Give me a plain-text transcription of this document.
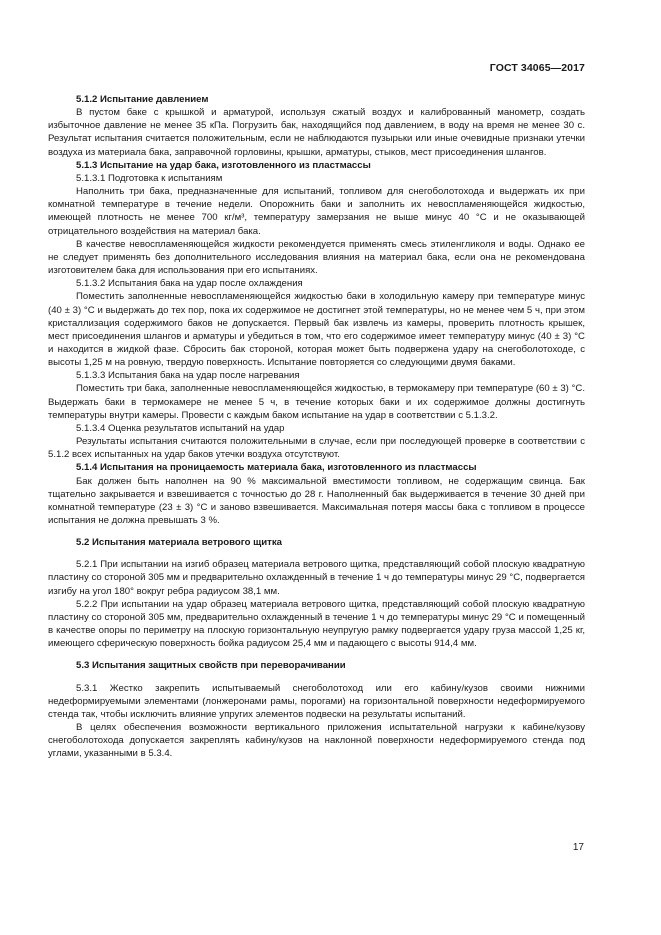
ГОСТ 34065—2017

5.1.2 Испытание давлением

В пустом баке с крышкой и арматурой, используя сжатый воздух и калиброванный манометр, создать избыточное давление не менее 35 кПа. Погрузить бак, находящийся под давлением, в воду на время не менее 30 с. Результат испытания считается положительным, если не наблюдаются пузырьки или иные очевидные признаки утечки воздуха из материала бака, заправочной горловины, крышки, арматуры, стыков, мест присоединения шлангов.

5.1.3 Испытание на удар бака, изготовленного из пластмассы

5.1.3.1 Подготовка к испытаниям

Наполнить три бака, предназначенные для испытаний, топливом для снегоболотохода и выдержать их при комнатной температуре в течение недели. Опорожнить баки и заполнить их невоспламеняющейся жидкостью, имеющей плотность не менее 700 кг/м³, температуру замерзания не выше минус 40 °С и не оказывающей отрицательного воздействия на материал бака.

В качестве невоспламеняющейся жидкости рекомендуется применять смесь этиленгликоля и воды. Однако ее не следует применять без дополнительного исследования влияния на материал бака, если она не рекомендована изготовителем бака для использования при его испытаниях.

5.1.3.2 Испытания бака на удар после охлаждения

Поместить заполненные невоспламеняющейся жидкостью баки в холодильную камеру при температуре минус (40 ± 3) °С и выдержать до тех пор, пока их содержимое не достигнет этой температуры, но не менее чем 5 ч, при этом кристаллизация содержимого баков не допускается. Первый бак извлечь из камеры, проверить плотность крышек, мест присоединения шлангов и арматуры и убедиться в том, что его содержимое имеет температуру минус (40 ± 3) °С и находится в жидкой фазе. Сбросить бак стороной, которая может быть подвержена удару на снегоболотоходе, с высоты 1,25 м на ровную, твердую поверхность. Испытание повторяется со следующими двумя баками.

5.1.3.3 Испытания бака на удар после нагревания

Поместить три бака, заполненные невоспламеняющейся жидкостью, в термокамеру при температуре (60 ± 3) °С. Выдержать баки в термокамере не менее 5 ч, в течение которых баки и их содержимое должны достигнуть температуры внутри камеры. Провести с каждым баком испытание на удар в соответствии с 5.1.3.2.

5.1.3.4 Оценка результатов испытаний на удар

Результаты испытания считаются положительными в случае, если при последующей проверке в соответствии с 5.1.2 всех испытанных на удар баков утечки воздуха отсутствуют.

5.1.4 Испытания на проницаемость материала бака, изготовленного из пластмассы

Бак должен быть наполнен на 90 % максимальной вместимости топливом, не содержащим свинца. Бак тщательно закрывается и взвешивается с точностью до 28 г. Наполненный бак выдерживается в течение 30 дней при комнатной температуре (23 ± 3) °С и заново взвешивается. Максимальная потеря массы бака с топливом в процессе испытания не должна превышать 3 %.

5.2 Испытания материала ветрового щитка

5.2.1 При испытании на изгиб образец материала ветрового щитка, представляющий собой плоскую квадратную пластину со стороной 305 мм и предварительно охлажденный в течение 1 ч до температуры минус 29 °С, подвергается изгибу на угол 180° вокруг ребра радиусом 38,1 мм.

5.2.2 При испытании на удар образец материала ветрового щитка, представляющий собой плоскую квадратную пластину со стороной 305 мм, предварительно охлажденный в течение 1 ч до температуры минус 29 °С и помещенный в качестве опоры по периметру на плоскую горизонтальную неупругую рамку подвергается удару груза массой 1,25 кг, имеющего сферическую поверхность бойка радиусом 25,4 мм и падающего с высоты 914,4 мм.

5.3 Испытания защитных свойств при переворачивании

5.3.1 Жестко закрепить испытываемый снегоболотоход или его кабину/кузов своими нижними недеформируемыми элементами (лонжеронами рамы, порогами) на горизонтальной поверхности недеформируемого стенда так, чтобы исключить влияние упругих элементов подвески на результаты испытаний.

В целях обеспечения возможности вертикального приложения испытательной нагрузки к кабине/кузову снегоболотохода допускается закреплять кабину/кузов на наклонной поверхности недеформируемого стенда под углами, указанными в 5.3.4.

17
